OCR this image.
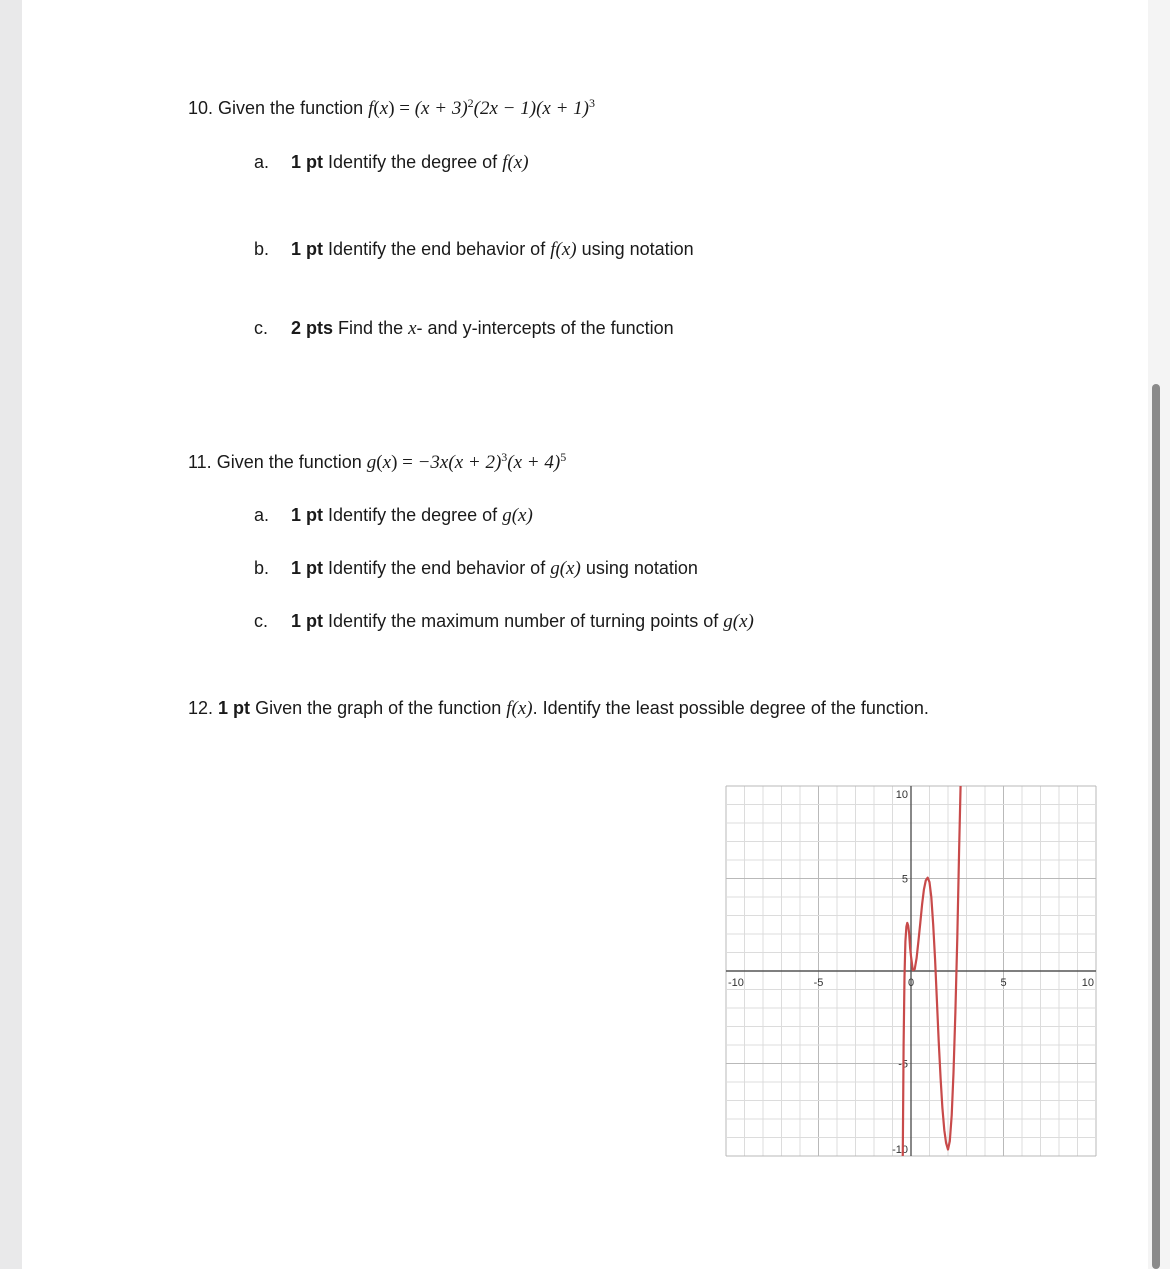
10. Given the function $f(x) = (x + 3)^2(2x - 1)(x + 1)^3$
a. 1 pt Identify the degree of f(x)
b. 1 pt Identify the end behavior of f(x) using notation
c. 2 pts Find the x- and y-intercepts of the function
11. Given the function $g(x) = -3x(x + 2)^3(x + 4)^5$
a. 1 pt Identify the degree of g(x)
b. 1 pt Identify the end behavior of g(x) using notation
c. 1 pt Identify the maximum number of turning points of g(x)
12. 1 pt Given the graph of the function f(x). Identify the least possible degree of the function.
-10	-5	0	5	10
10
5
-5
-10
